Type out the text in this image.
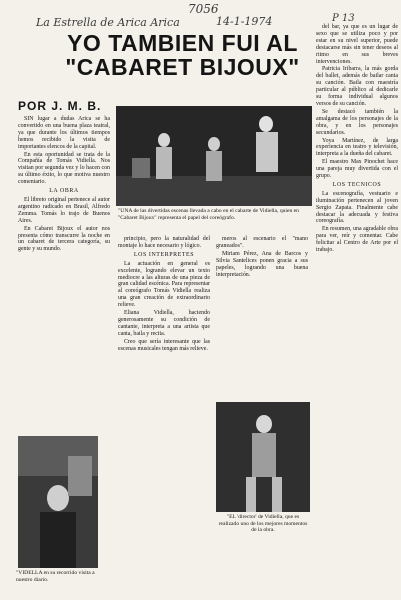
7056
La Estrella de Arica Arica	14-1-1974	P 13
YO TAMBIEN FUI AL
"CABARET BIJOUX"
POR J. M. B.

SIN lugar a dudas Arica se ha convertido en una buena plaza teatral, ya que durante los últimos tiempos hemos recibido la visita de importantes elencos de la capital.

En esta oportunidad se trata de la Compañía de Tomás Vidiella. Nos visitan por segunda vez y lo hacen con su último éxito, lo que motiva nuestro comentario.

LA OBRA

El libreto original pertenece al autor argentino radicado en Brasil, Alfredo Zemma. Tomás lo trajo de Buenos Aires.

En Cabaret Bijoux el autor nos presenta cómo transcurre la noche en un cabaret de tercera categoría, su gente y su mundo.

"VIDELLA en su recorrido visita a nuestro diario.
"UNA de las divertidas escenas llevada a cabo en el cabarte de Vidiella, quien en "Cabaret Bijoux" representa el papel del coreógrafo.

principio, pero la naturalidad del montaje lo hace necesario y lógico.

LOS INTERPRETES

La actuación en general es excelente, logrando elevar un texto mediocre a las alturas de una pieza de gran calidad escénica. Para representar al coreógrafo Tomás Vidiella realiza una gran creación de extraordinario relieve.

Eliana Vidiella, haciendo generosamente su condición de cantante, interpreta a una artista que canta, baila y recita.

Creo que sería interesante que las escenas musicales tengan más relieve.

meros al escenario el "mano graneados".

Miriam Pérez, Ana de Barcos y Silvia Santelices ponen gracia a sus papeles, logrando una buena interpretación.

"EL 'director' de Vidiella, que es realizado uno de los mejores momentos de la obra.

del bar, ya que es un lugar de sexo que se utiliza poco y por estar en su nivel superior, puede destacarse más sin tener deseos al ritmo en sus breves intervenciones.

Patricia Iribarra, la más gorda del ballet, además de bailar canta su canción. Baila con maestría particular al público al dedicarle su forma individual algunos versos de su canción.

Se destacó también la amalgama de los personajes de la obra, y en los personajes secundarios.

Yoya Martínez, de larga experiencia en teatro y televisión, interpreta a la dueña del cabaret.

El maestro Max Pinochet hace una pareja muy divertida con el grupo.

LOS TECNICOS

La escenografía, vestuario e iluminación pertenecen al joven Sergio Zapata. Finalmente cabe destacar la adecuada y festiva coreografía.

En resumen, una agradable obra para ver, reír y comentar. Cabe felicitar al Centro de Arte por el trabajo.
